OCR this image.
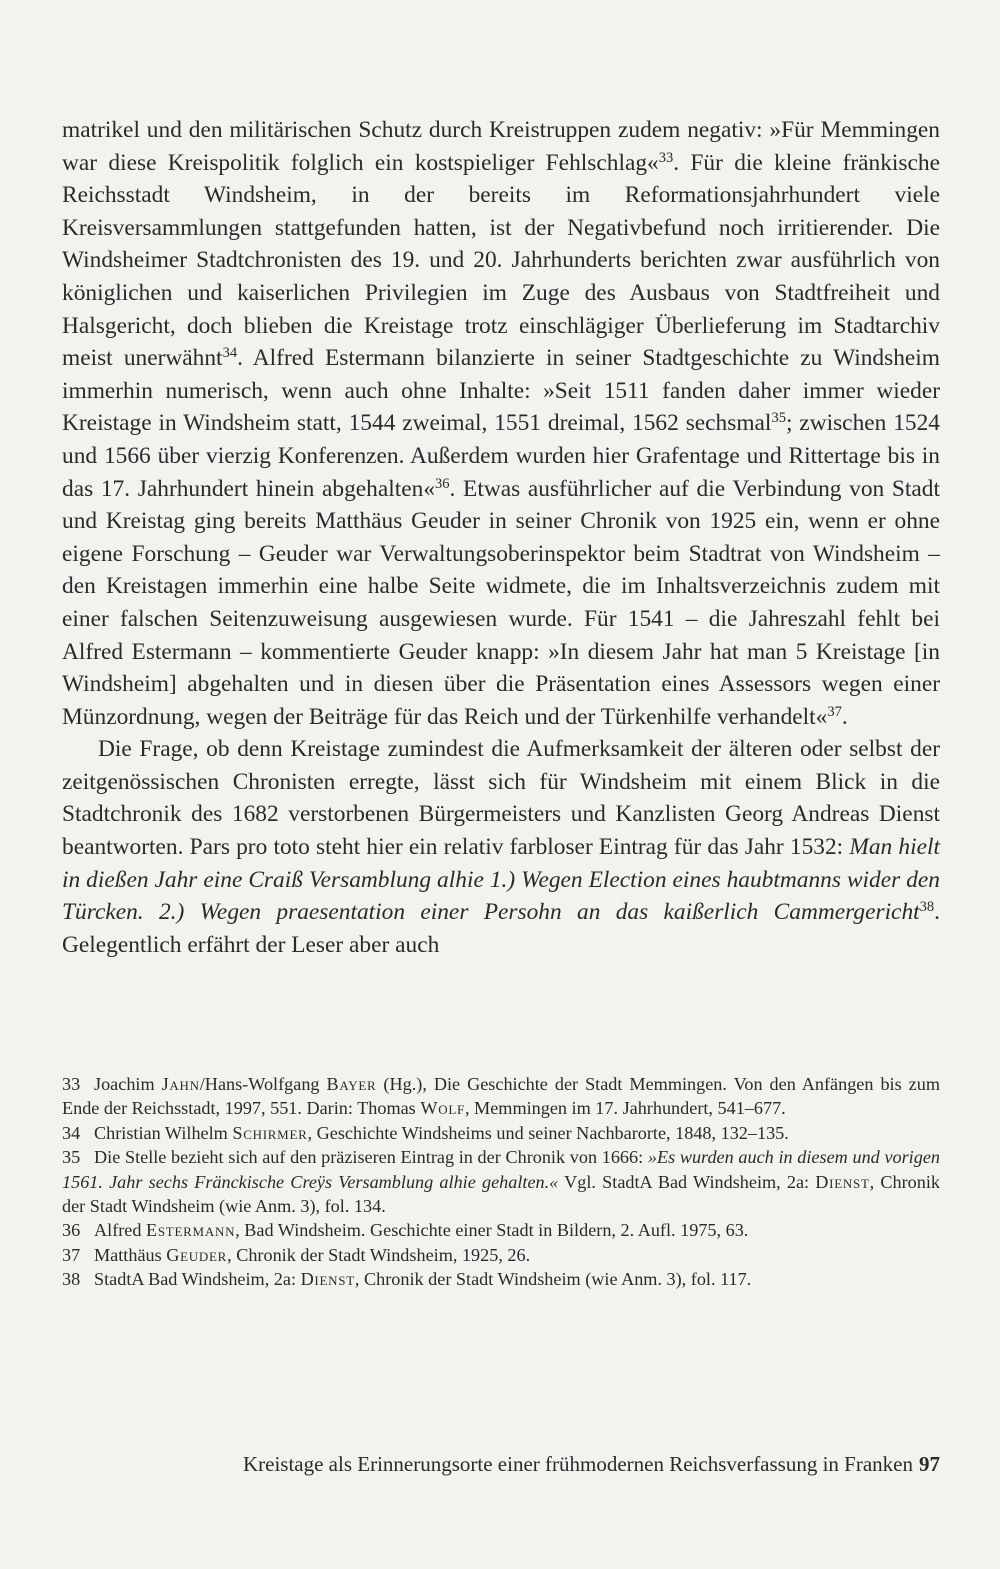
matrikel und den militärischen Schutz durch Kreistruppen zudem negativ: »Für Memmingen war diese Kreispolitik folglich ein kostspieliger Fehlschlag«$^{33}$. Für die kleine fränkische Reichsstadt Windsheim, in der bereits im Reformationsjahrhundert viele Kreisversammlungen stattgefunden hatten, ist der Negativbefund noch irritierender. Die Windsheimer Stadtchronisten des 19. und 20. Jahrhunderts berichten zwar ausführlich von königlichen und kaiserlichen Privilegien im Zuge des Ausbaus von Stadtfreiheit und Halsgericht, doch blieben die Kreistage trotz einschlägiger Überlieferung im Stadtarchiv meist unerwähnt$^{34}$. Alfred Estermann bilanzierte in seiner Stadtgeschichte zu Windsheim immerhin numerisch, wenn auch ohne Inhalte: »Seit 1511 fanden daher immer wieder Kreistage in Windsheim statt, 1544 zweimal, 1551 dreimal, 1562 sechsmal$^{35}$; zwischen 1524 und 1566 über vierzig Konferenzen. Außerdem wurden hier Grafentage und Rittertage bis in das 17. Jahrhundert hinein abgehalten«$^{36}$. Etwas ausführlicher auf die Verbindung von Stadt und Kreistag ging bereits Matthäus Geuder in seiner Chronik von 1925 ein, wenn er ohne eigene Forschung – Geuder war Verwaltungsoberinspektor beim Stadtrat von Windsheim – den Kreistagen immerhin eine halbe Seite widmete, die im Inhaltsverzeichnis zudem mit einer falschen Seitenzuweisung ausgewiesen wurde. Für 1541 – die Jahreszahl fehlt bei Alfred Estermann – kommentierte Geuder knapp: »In diesem Jahr hat man 5 Kreistage [in Windsheim] abgehalten und in diesen über die Präsentation eines Assessors wegen einer Münzordnung, wegen der Beiträge für das Reich und der Türkenhilfe verhandelt«$^{37}$.

Die Frage, ob denn Kreistage zumindest die Aufmerksamkeit der älteren oder selbst der zeitgenössischen Chronisten erregte, lässt sich für Windsheim mit einem Blick in die Stadtchronik des 1682 verstorbenen Bürgermeisters und Kanzlisten Georg Andreas Dienst beantworten. Pars pro toto steht hier ein relativ farbloser Eintrag für das Jahr 1532: Man hielt in dießen Jahr eine Craiß Versamblung alhie 1.) Wegen Election eines haubtmanns wider den Türcken. 2.) Wegen praesentation einer Persohn an das kaißerlich Cammergericht$^{38}$. Gelegentlich erfährt der Leser aber auch

33 Joachim Jahn/Hans-Wolfgang Bayer (Hg.), Die Geschichte der Stadt Memmingen. Von den Anfängen bis zum Ende der Reichsstadt, 1997, 551. Darin: Thomas Wolf, Memmingen im 17. Jahrhundert, 541–677.

34 Christian Wilhelm Schirmer, Geschichte Windsheims und seiner Nachbarorte, 1848, 132–135.

35 Die Stelle bezieht sich auf den präziseren Eintrag in der Chronik von 1666: »Es wurden auch in diesem und vorigen 1561. Jahr sechs Fränckische Creÿs Versamblung alhie gehalten.« Vgl. StadtA Bad Windsheim, 2a: Dienst, Chronik der Stadt Windsheim (wie Anm. 3), fol. 134.

36 Alfred Estermann, Bad Windsheim. Geschichte einer Stadt in Bildern, 2. Aufl. 1975, 63.

37 Matthäus Geuder, Chronik der Stadt Windsheim, 1925, 26.

38 StadtA Bad Windsheim, 2a: Dienst, Chronik der Stadt Windsheim (wie Anm. 3), fol. 117.

Kreistage als Erinnerungsorte einer frühmodernen Reichsverfassung in Franken 97
